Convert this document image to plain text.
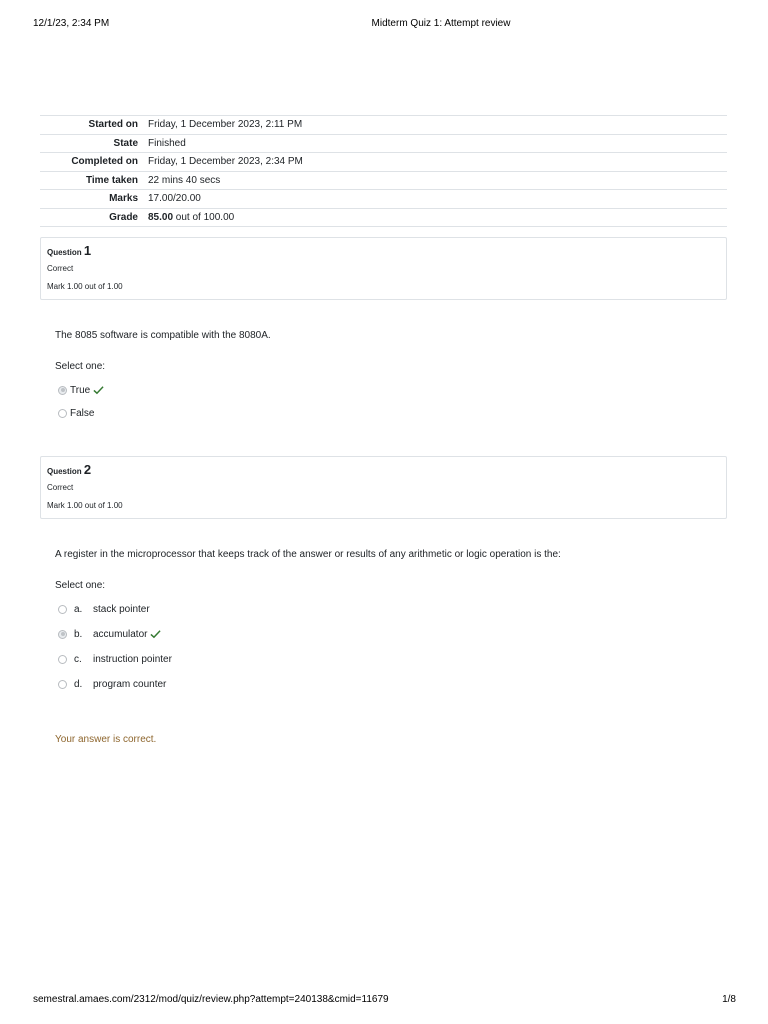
12/1/23, 2:34 PM	Midterm Quiz 1: Attempt review
Started on	Friday, 1 December 2023, 2:11 PM
State	Finished
Completed on	Friday, 1 December 2023, 2:34 PM
Time taken	22 mins 40 secs
Marks	17.00/20.00
Grade	85.00 out of 100.00
Question 1
Correct
Mark 1.00 out of 1.00
The 8085 software is compatible with the 8080A.
Select one:
True
False
Question 2
Correct
Mark 1.00 out of 1.00
A register in the microprocessor that keeps track of the answer or results of any arithmetic or logic operation is the:
Select one:
a.	stack pointer
b.	accumulator
c.	instruction pointer
d.	program counter
Your answer is correct.
semestral.amaes.com/2312/mod/quiz/review.php?attempt=240138&cmid=11679	1/8
